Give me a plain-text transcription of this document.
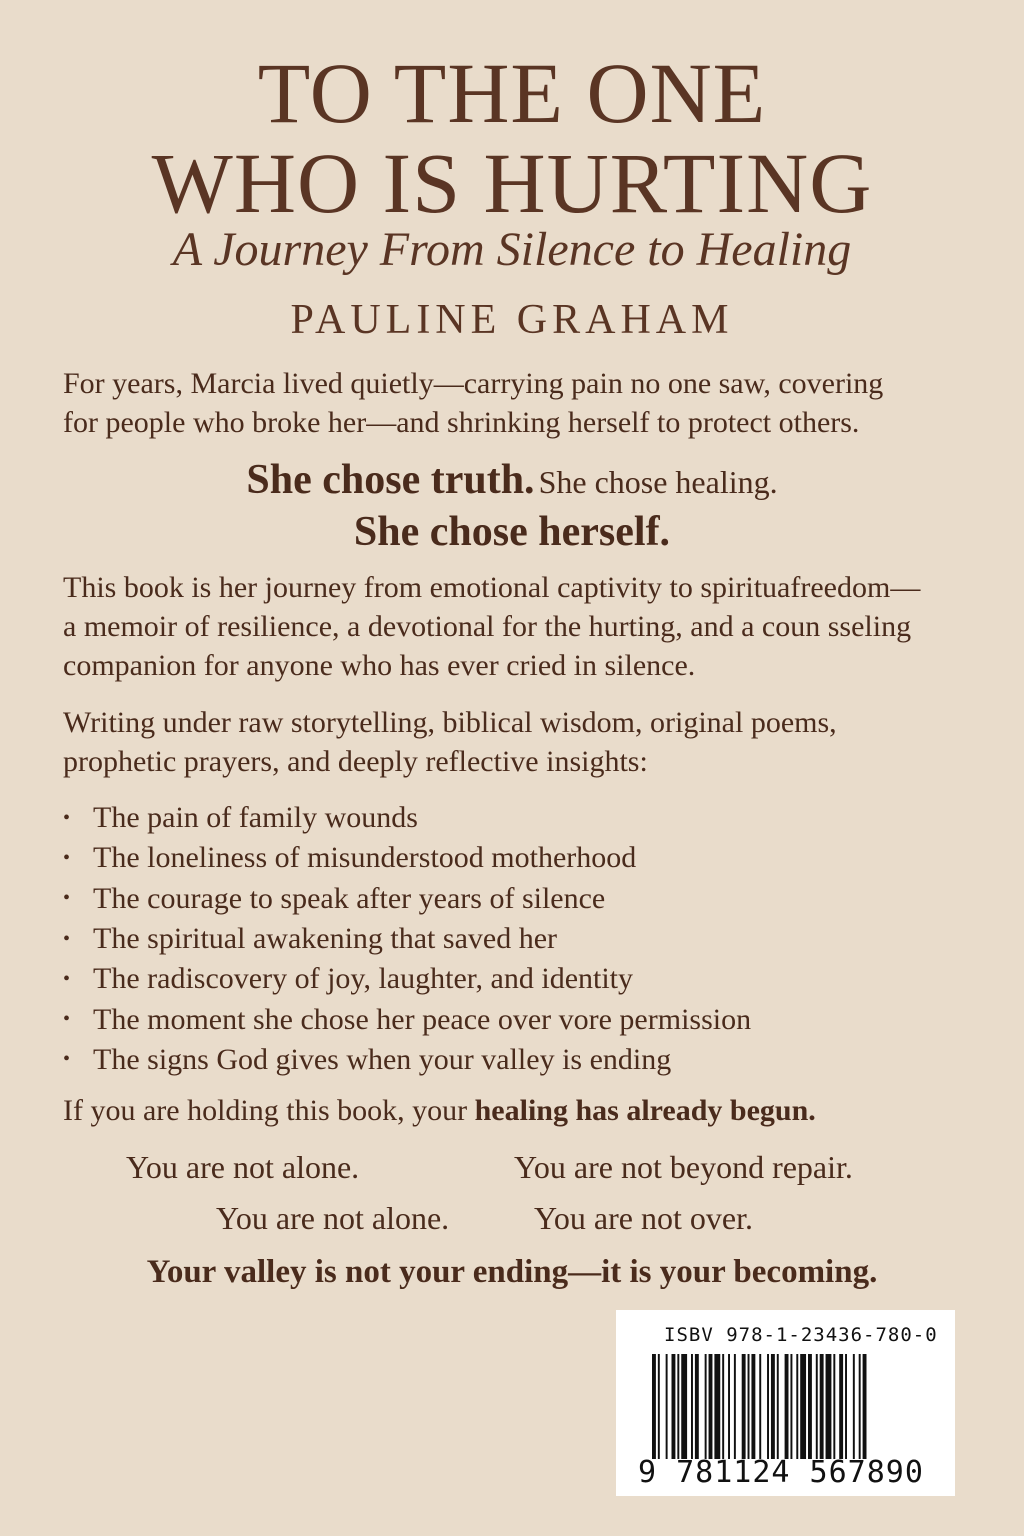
TO THE ONE
WHO IS HURTING
A Journey From Silence to Healing
PAULINE GRAHAM
For years, Marcia lived quietly—carrying pain no one saw, covering
for people who broke her—and shrinking herself to protect others.
She chose truth. She chose healing.
She chose herself.
This book is her journey from emotional captivity to spirituafreedom—
a memoir of resilience, a devotional for the hurting, and a coun sseling
companion for anyone who has ever cried in silence.
Writing under raw storytelling, biblical wisdom, original poems,
prophetic prayers, and deeply reflective insights:
• The pain of family wounds
• The loneliness of misunderstood motherhood
• The courage to speak after years of silence
• The spiritual awakening that saved her
• The radiscovery of joy, laughter, and identity
• The moment she chose her peace over vore permission
• The signs God gives when your valley is ending
If you are holding this book, your healing has already begun.
You are not alone.	You are not beyond repair.
You are not alone.	You are not over.
Your valley is not your ending—it is your becoming.
ISBV 978-1-23436-780-0
9 781124 567890
